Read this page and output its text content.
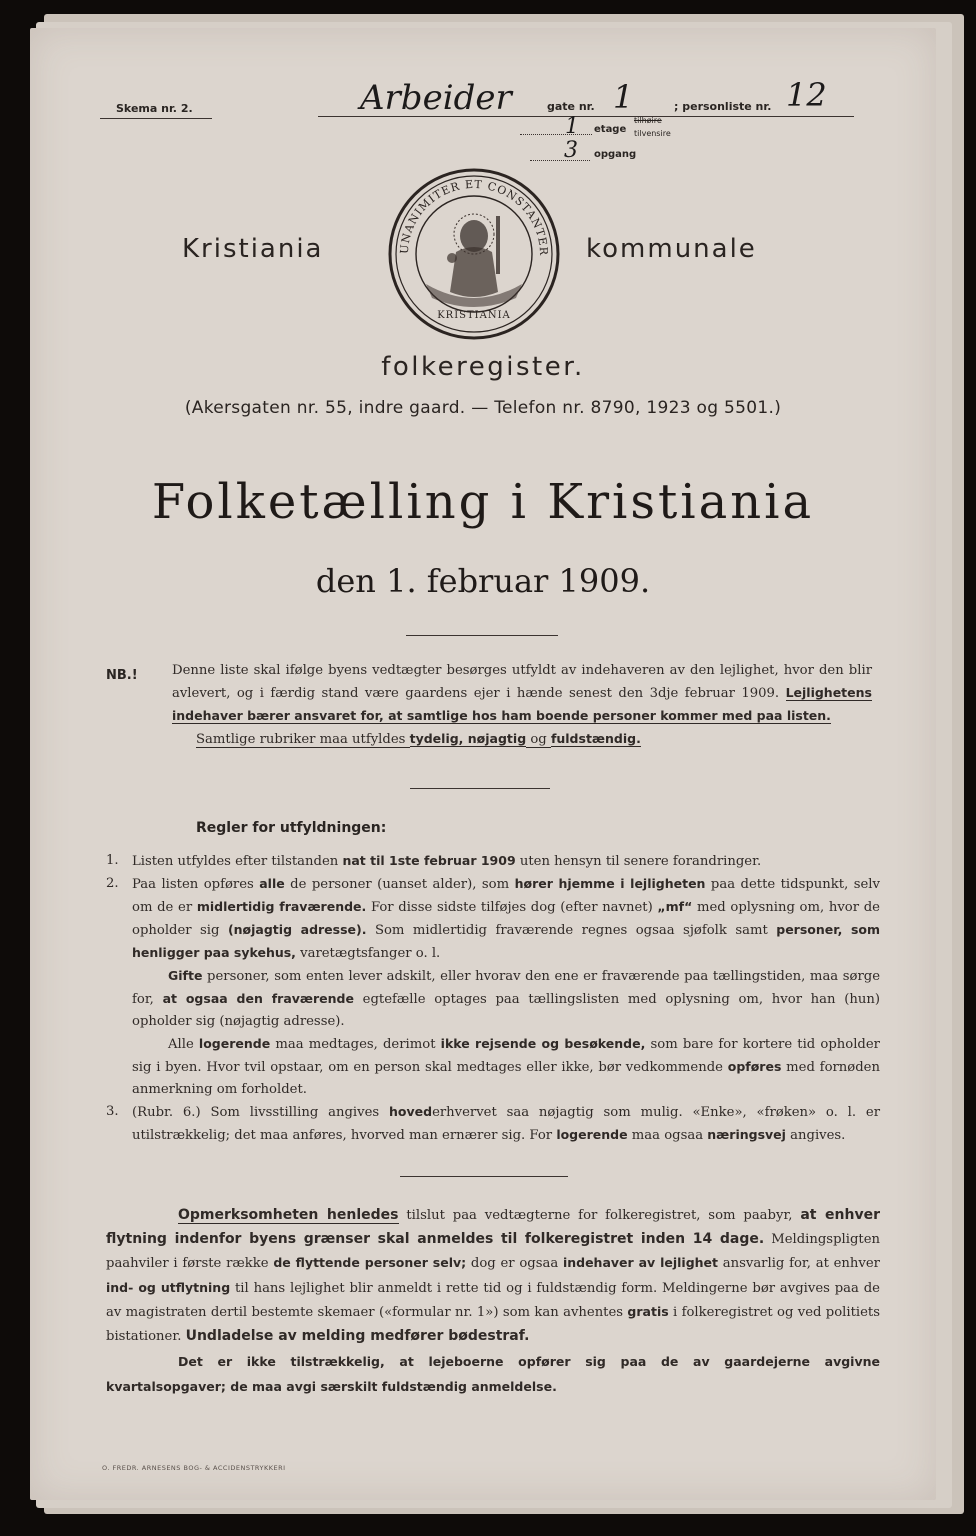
Skema nr. 2.	Arbeider	gate nr. 1	; personliste nr. 12
1 etage
tilhøire
tilvensire
3 opgang
Kristiania	kommunale
UNANIMITER ET CONSTANTER
KRISTIANIA
folkeregister.
(Akersgaten nr. 55, indre gaard. — Telefon nr. 8790, 1923 og 5501.)
Folketælling i Kristiania
den 1. februar 1909.
NB.!	Denne liste skal ifølge byens vedtægter besørges utfyldt av indehaveren av den lejlighet, hvor den blir avlevert, og i færdig stand være gaardens ejer i hænde senest den 3dje februar 1909. Lejlighetens indehaver bærer ansvaret for, at samtlige hos ham boende personer kommer med paa listen.
Samtlige rubriker maa utfyldes tydelig, nøjagtig og fuldstændig.
Regler for utfyldningen:
1. Listen utfyldes efter tilstanden nat til 1ste februar 1909 uten hensyn til senere forandringer.
2. Paa listen opføres alle de personer (uanset alder), som hører hjemme i lejligheten paa dette tidspunkt, selv om de er midlertidig fraværende. For disse sidste tilføjes dog (efter navnet) „mf“ med oplysning om, hvor de opholder sig (nøjagtig adresse). Som midlertidig fraværende regnes ogsaa sjøfolk samt personer, som henligger paa sykehus, varetægtsfanger o. l.
Gifte personer, som enten lever adskilt, eller hvorav den ene er fraværende paa tællingstiden, maa sørge for, at ogsaa den fraværende egtefælle optages paa tællingslisten med oplysning om, hvor han (hun) opholder sig (nøjagtig adresse).
Alle logerende maa medtages, derimot ikke rejsende og besøkende, som bare for kortere tid opholder sig i byen. Hvor tvil opstaar, om en person skal medtages eller ikke, bør vedkommende opføres med fornøden anmerkning om forholdet.
3. (Rubr. 6.) Som livsstilling angives hovederhvervet saa nøjagtig som mulig. «Enke», «frøken» o. l. er utilstrækkelig; det maa anføres, hvorved man ernærer sig. For logerende maa ogsaa næringsvej angives.
Opmerksomheten henledes tilslut paa vedtægterne for folkeregistret, som paabyr, at enhver flytning indenfor byens grænser skal anmeldes til folkeregistret inden 14 dage. Meldingspligten paahviler i første række de flyttende personer selv; dog er ogsaa indehaver av lejlighet ansvarlig for, at enhver ind- og utflytning til hans lejlighet blir anmeldt i rette tid og i fuldstændig form. Meldingerne bør avgives paa de av magistraten dertil bestemte skemaer («formular nr. 1») som kan avhentes gratis i folkeregistret og ved politiets bistationer. Undladelse av melding medfører bødestraf.
Det er ikke tilstrækkelig, at lejeboerne opfører sig paa de av gaardejerne avgivne kvartalsopgaver; de maa avgi særskilt fuldstændig anmeldelse.
O. FREDR. ARNESENS BOG- & ACCIDENSTRYKKERI
